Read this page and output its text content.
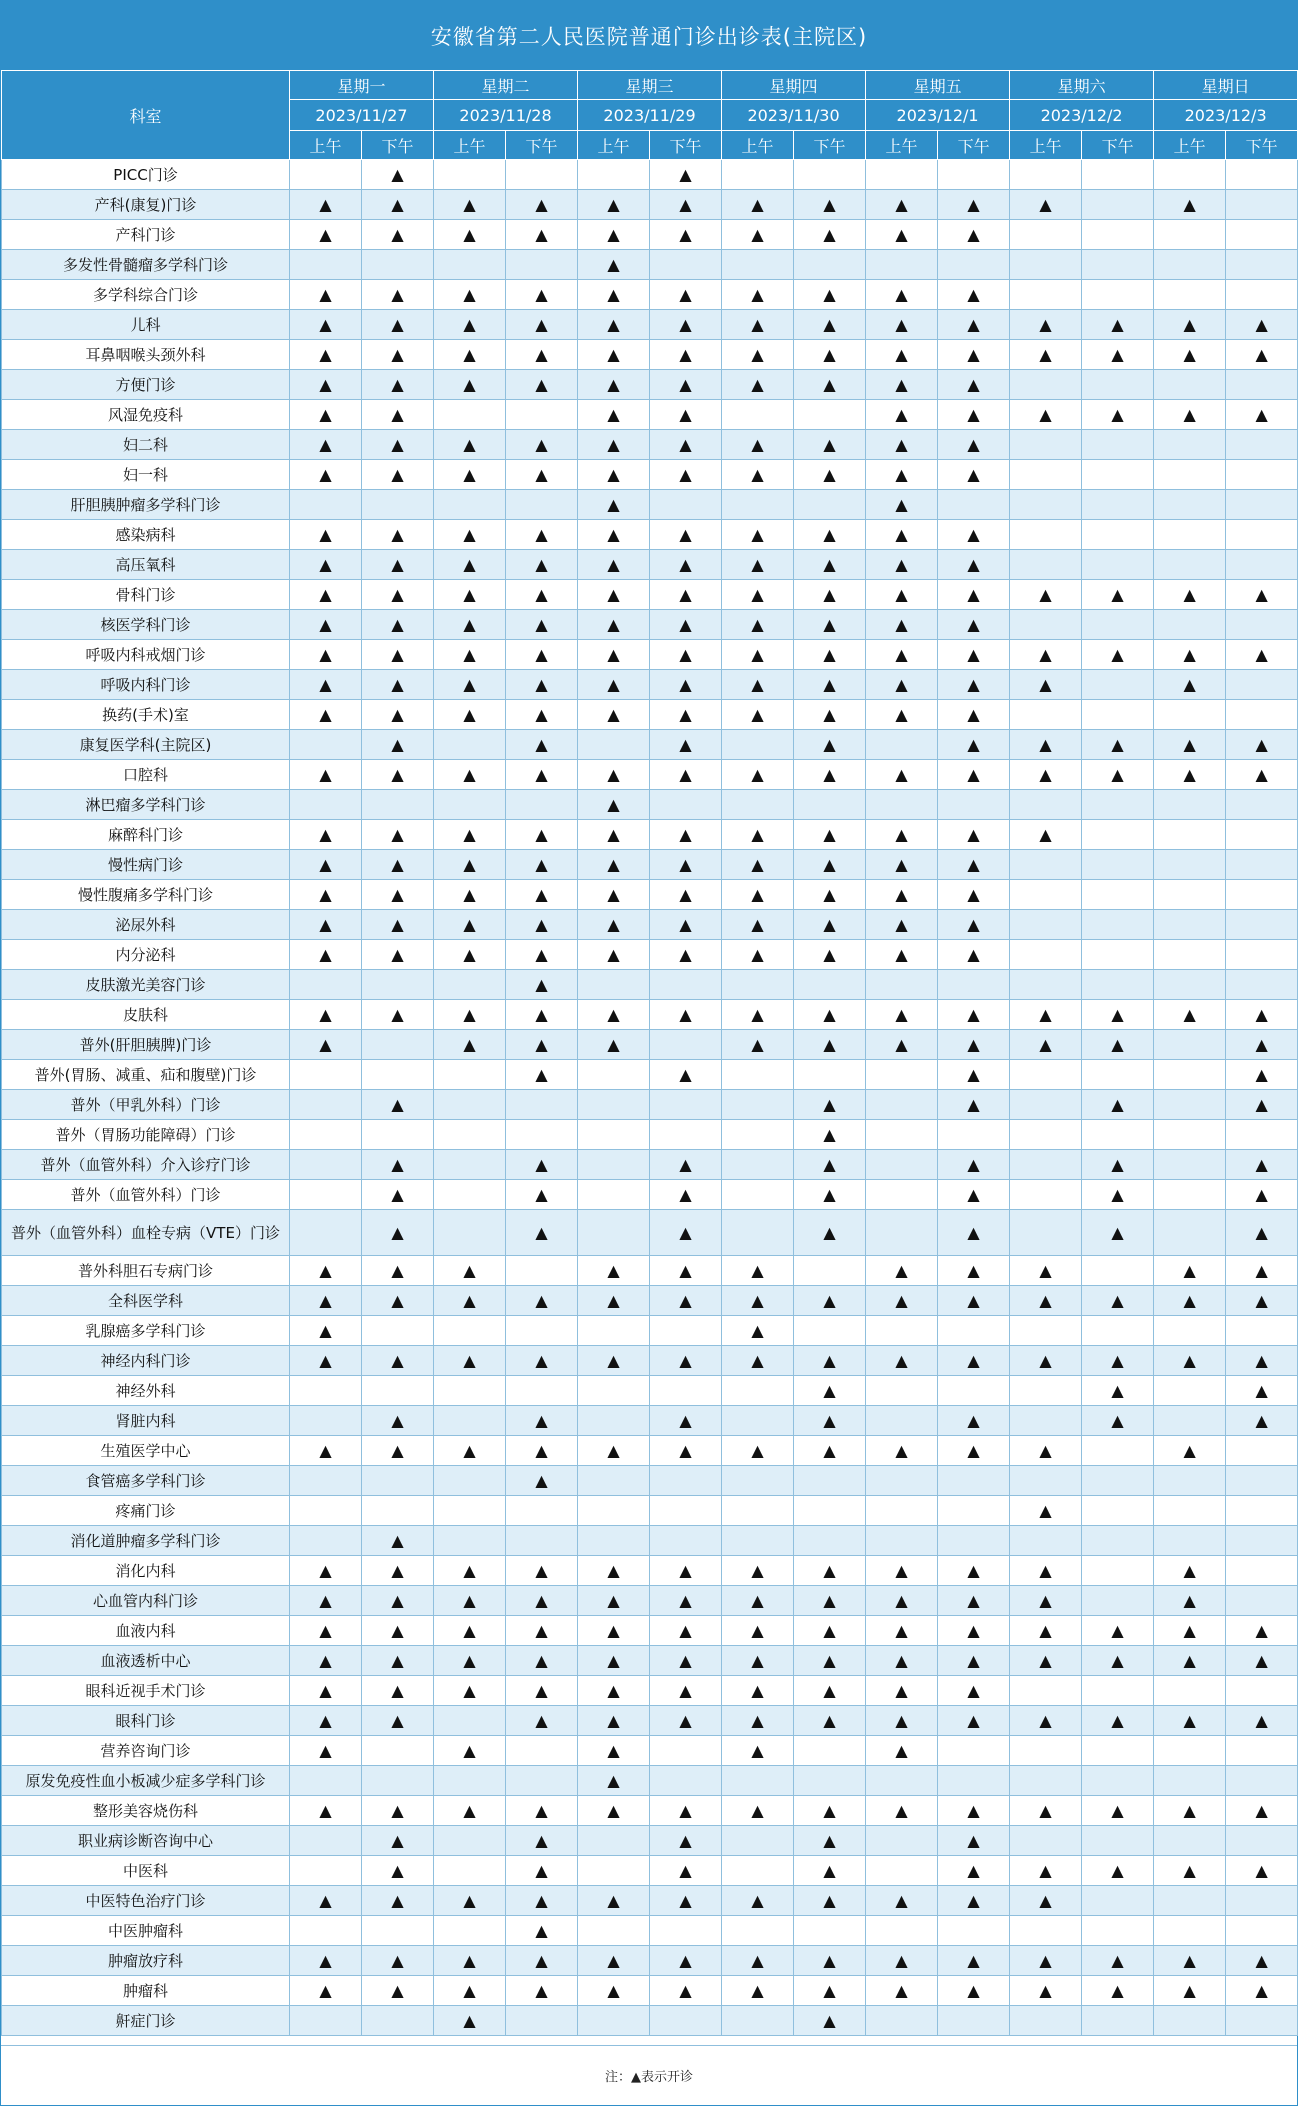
安徽省第二人民医院普通门诊出诊表(主院区)
科室	星期一		星期二		星期三		星期四		星期五		星期六		星期日	
	2023/11/27		2023/11/28		2023/11/29		2023/11/30		2023/12/1		2023/12/2		2023/12/3	
	上午	下午	上午	下午	上午	下午	上午	下午	上午	下午	上午	下午	上午	下午
PICC门诊		▲				▲								
产科(康复)门诊	▲	▲	▲	▲	▲	▲	▲	▲	▲	▲	▲		▲	
产科门诊	▲	▲	▲	▲	▲	▲	▲	▲	▲	▲				
多发性骨髓瘤多学科门诊					▲									
多学科综合门诊	▲	▲	▲	▲	▲	▲	▲	▲	▲	▲				
儿科	▲	▲	▲	▲	▲	▲	▲	▲	▲	▲	▲	▲	▲	▲
耳鼻咽喉头颈外科	▲	▲	▲	▲	▲	▲	▲	▲	▲	▲	▲	▲	▲	▲
方便门诊	▲	▲	▲	▲	▲	▲	▲	▲	▲	▲				
风湿免疫科	▲	▲			▲	▲			▲	▲	▲	▲	▲	▲
妇二科	▲	▲	▲	▲	▲	▲	▲	▲	▲	▲				
妇一科	▲	▲	▲	▲	▲	▲	▲	▲	▲	▲				
肝胆胰肿瘤多学科门诊					▲				▲					
感染病科	▲	▲	▲	▲	▲	▲	▲	▲	▲	▲				
高压氧科	▲	▲	▲	▲	▲	▲	▲	▲	▲	▲				
骨科门诊	▲	▲	▲	▲	▲	▲	▲	▲	▲	▲	▲	▲	▲	▲
核医学科门诊	▲	▲	▲	▲	▲	▲	▲	▲	▲	▲				
呼吸内科戒烟门诊	▲	▲	▲	▲	▲	▲	▲	▲	▲	▲	▲	▲	▲	▲
呼吸内科门诊	▲	▲	▲	▲	▲	▲	▲	▲	▲	▲	▲		▲	
换药(手术)室	▲	▲	▲	▲	▲	▲	▲	▲	▲	▲				
康复医学科(主院区)		▲		▲		▲		▲		▲	▲	▲	▲	▲
口腔科	▲	▲	▲	▲	▲	▲	▲	▲	▲	▲	▲	▲	▲	▲
淋巴瘤多学科门诊					▲									
麻醉科门诊	▲	▲	▲	▲	▲	▲	▲	▲	▲	▲	▲			
慢性病门诊	▲	▲	▲	▲	▲	▲	▲	▲	▲	▲				
慢性腹痛多学科门诊	▲	▲	▲	▲	▲	▲	▲	▲	▲	▲				
泌尿外科	▲	▲	▲	▲	▲	▲	▲	▲	▲	▲				
内分泌科	▲	▲	▲	▲	▲	▲	▲	▲	▲	▲				
皮肤激光美容门诊				▲										
皮肤科	▲	▲	▲	▲	▲	▲	▲	▲	▲	▲	▲	▲	▲	▲
普外(肝胆胰脾)门诊	▲		▲	▲	▲		▲	▲	▲	▲	▲	▲		▲
普外(胃肠、减重、疝和腹壁)门诊				▲		▲				▲				▲
普外（甲乳外科）门诊		▲						▲		▲		▲		▲
普外（胃肠功能障碍）门诊								▲						
普外（血管外科）介入诊疗门诊		▲		▲		▲		▲		▲		▲		▲
普外（血管外科）门诊		▲		▲		▲		▲		▲		▲		▲
普外（血管外科）血栓专病（VTE）门诊		▲		▲		▲		▲		▲		▲		▲
普外科胆石专病门诊	▲	▲	▲		▲	▲	▲		▲	▲	▲		▲	▲
全科医学科	▲	▲	▲	▲	▲	▲	▲	▲	▲	▲	▲	▲	▲	▲
乳腺癌多学科门诊	▲						▲							
神经内科门诊	▲	▲	▲	▲	▲	▲	▲	▲	▲	▲	▲	▲	▲	▲
神经外科								▲				▲		▲
肾脏内科		▲		▲		▲		▲		▲		▲		▲
生殖医学中心	▲	▲	▲	▲	▲	▲	▲	▲	▲	▲	▲		▲	
食管癌多学科门诊				▲										
疼痛门诊											▲			
消化道肿瘤多学科门诊		▲												
消化内科	▲	▲	▲	▲	▲	▲	▲	▲	▲	▲	▲		▲	
心血管内科门诊	▲	▲	▲	▲	▲	▲	▲	▲	▲	▲	▲		▲	
血液内科	▲	▲	▲	▲	▲	▲	▲	▲	▲	▲	▲	▲	▲	▲
血液透析中心	▲	▲	▲	▲	▲	▲	▲	▲	▲	▲	▲	▲	▲	▲
眼科近视手术门诊	▲	▲	▲	▲	▲	▲	▲	▲	▲	▲				
眼科门诊	▲	▲		▲	▲	▲	▲	▲	▲	▲	▲	▲	▲	▲
营养咨询门诊	▲		▲		▲		▲		▲					
原发免疫性血小板减少症多学科门诊					▲									
整形美容烧伤科	▲	▲	▲	▲	▲	▲	▲	▲	▲	▲	▲	▲	▲	▲
职业病诊断咨询中心		▲		▲		▲		▲		▲				
中医科		▲		▲		▲		▲		▲	▲	▲	▲	▲
中医特色治疗门诊	▲	▲	▲	▲	▲	▲	▲	▲	▲	▲	▲			
中医肿瘤科				▲										
肿瘤放疗科	▲	▲	▲	▲	▲	▲	▲	▲	▲	▲	▲	▲	▲	▲
肿瘤科	▲	▲	▲	▲	▲	▲	▲	▲	▲	▲	▲	▲	▲	▲
鼾症门诊			▲					▲						
注：▲表示开诊
